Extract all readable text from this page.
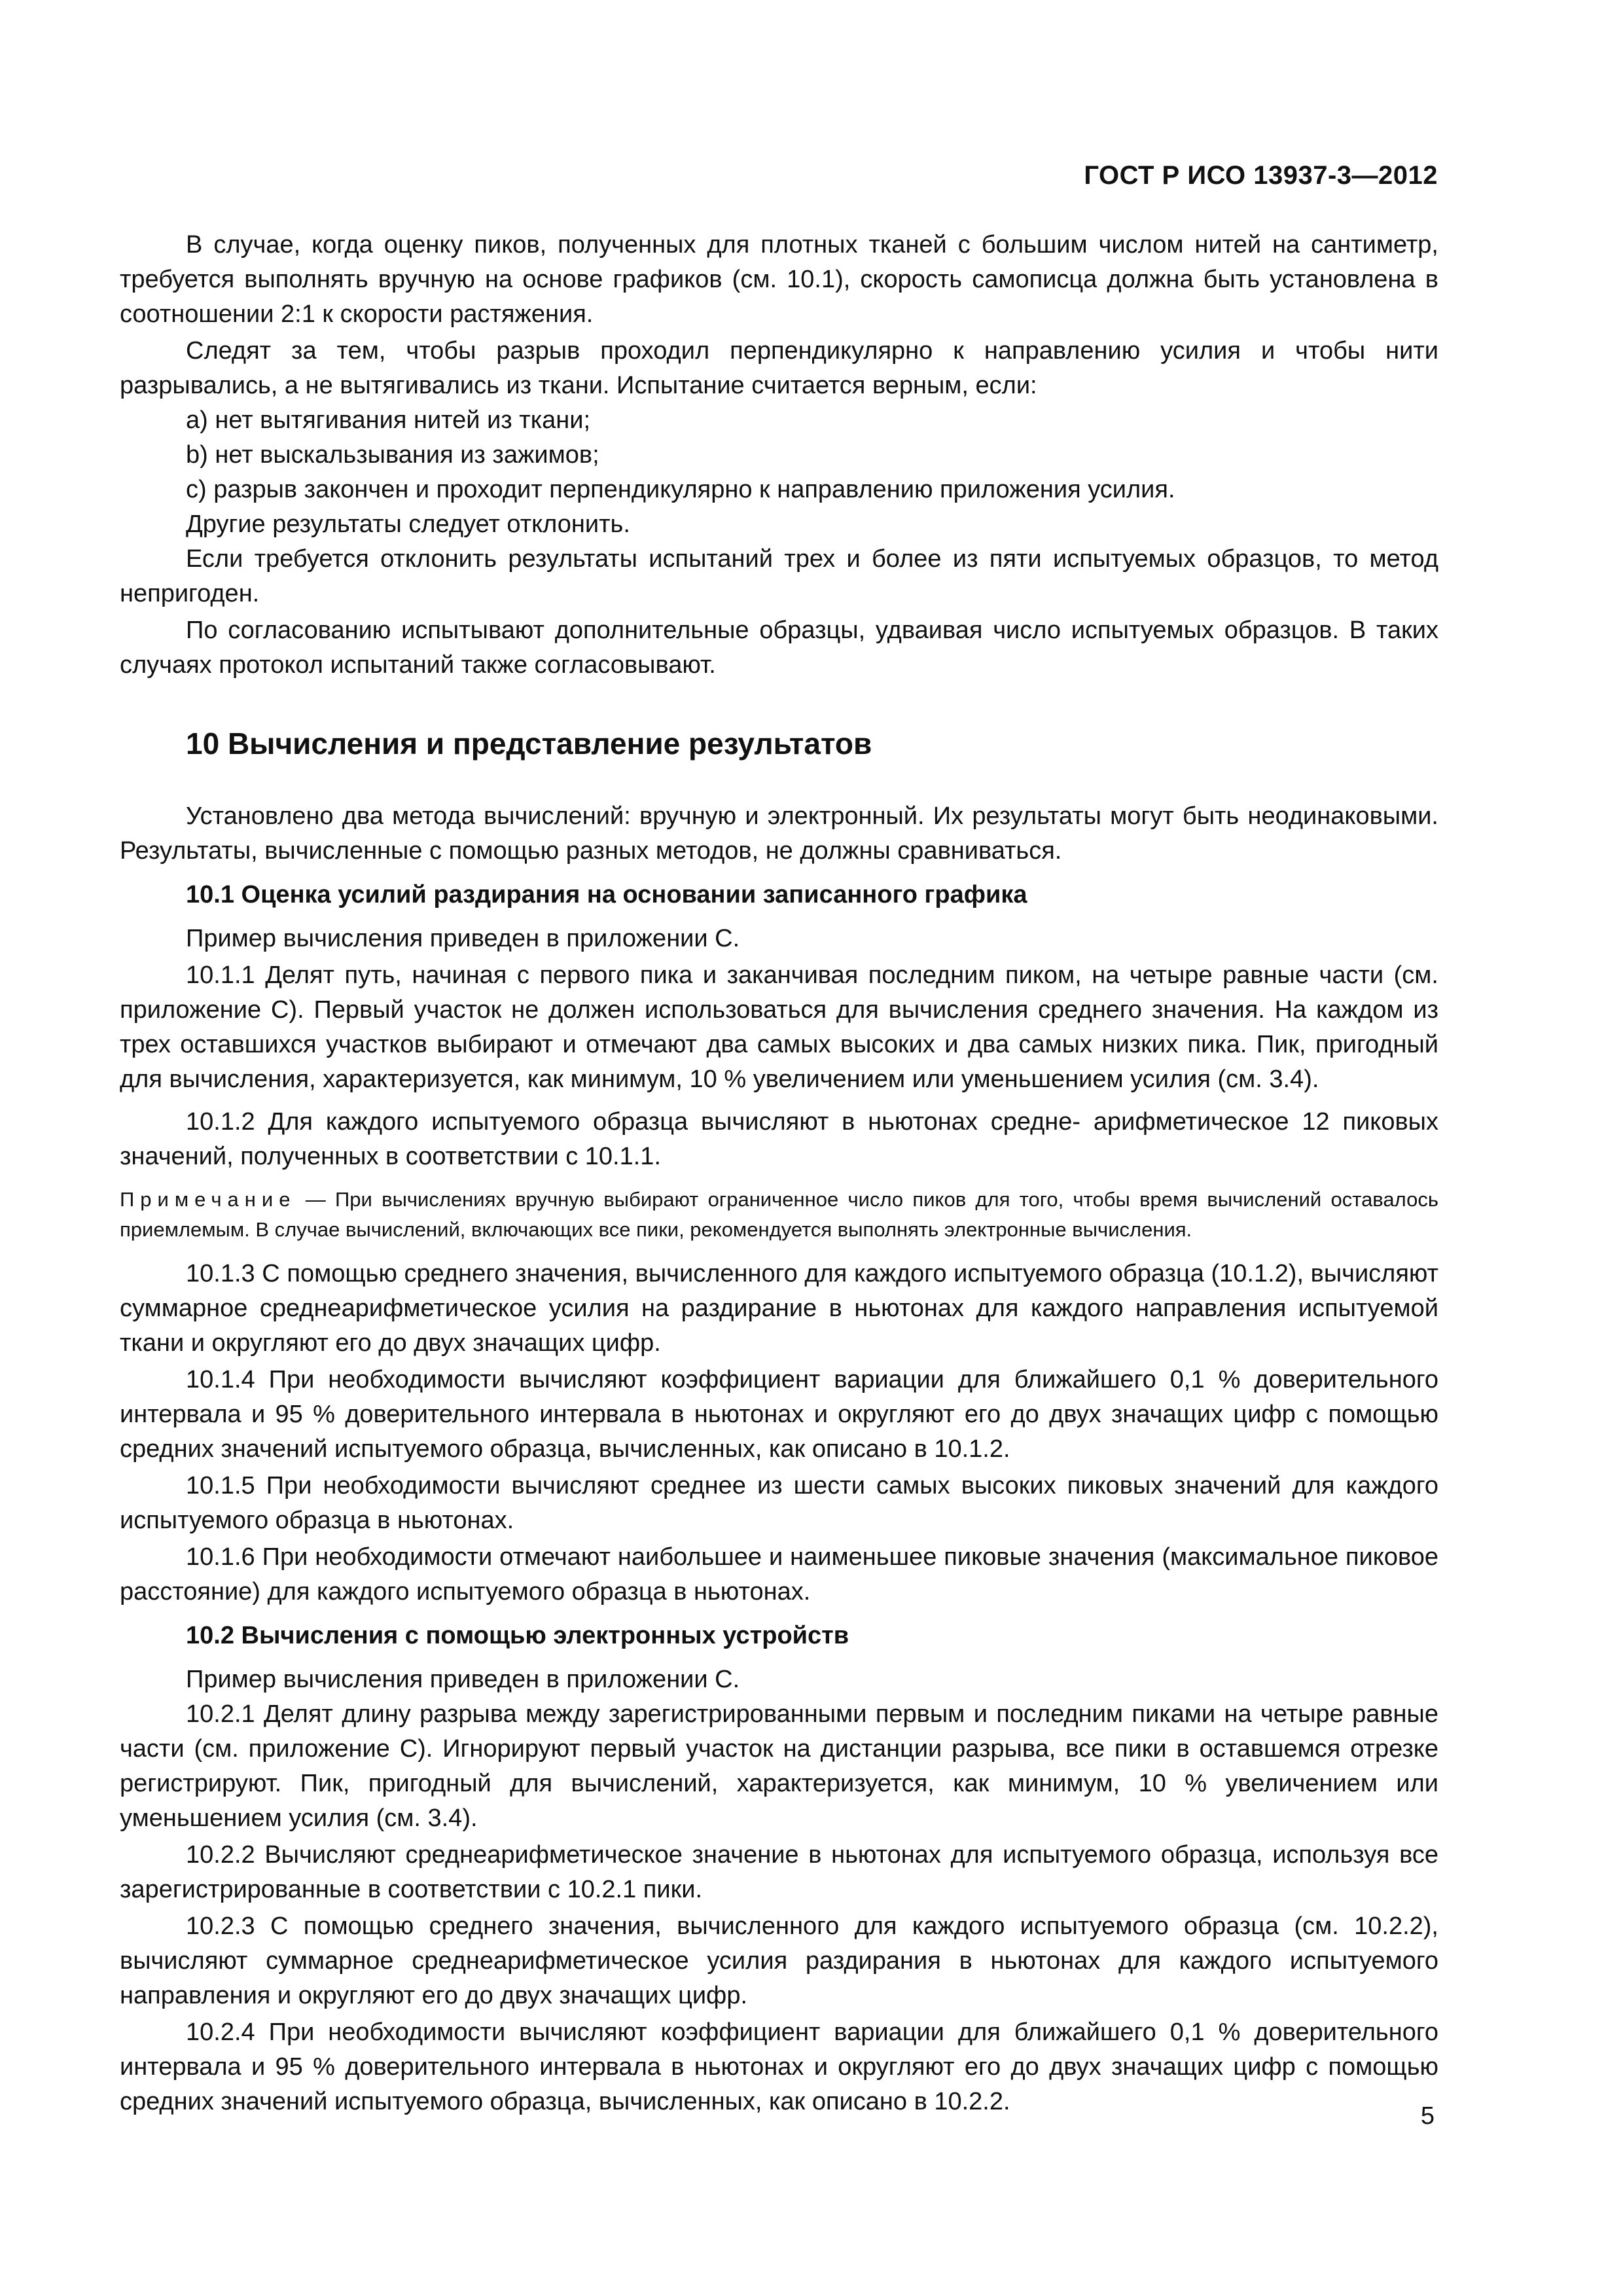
ГОСТ Р ИСО 13937-3—2012

В случае, когда оценку пиков, полученных для плотных тканей с большим числом нитей на сантиметр, требуется выполнять вручную на основе графиков (см. 10.1), скорость самописца должна быть установлена в соотношении 2:1 к скорости растяжения.

Следят за тем, чтобы разрыв проходил перпендикулярно к направлению усилия и чтобы нити разрывались, а не вытягивались из ткани. Испытание считается верным, если:

а) нет вытягивания нитей из ткани;

b) нет выскальзывания из зажимов;

с) разрыв закончен и проходит перпендикулярно к направлению приложения усилия.

Другие результаты следует отклонить.

Если требуется отклонить результаты испытаний трех и более из пяти испытуемых образцов, то метод непригоден.

По согласованию испытывают дополнительные образцы, удваивая число испытуемых образцов. В таких случаях протокол испытаний также согласовывают.

10 Вычисления и представление результатов

Установлено два метода вычислений: вручную и электронный. Их результаты могут быть неодинаковыми. Результаты, вычисленные с помощью разных методов, не должны сравниваться.

10.1 Оценка усилий раздирания на основании записанного графика

Пример вычисления приведен в приложении С.

10.1.1 Делят путь, начиная с первого пика и заканчивая последним пиком, на четыре равные части (см. приложение С). Первый участок не должен использоваться для вычисления среднего значения. На каждом из трех оставшихся участков выбирают и отмечают два самых высоких и два самых низких пика. Пик, пригодный для вычисления, характеризуется, как минимум, 10 % увеличением или уменьшением усилия (см. 3.4).

10.1.2 Для каждого испытуемого образца вычисляют в ньютонах средне- арифметическое 12 пиковых значений, полученных в соответствии с 10.1.1.

Примечание — При вычислениях вручную выбирают ограниченное число пиков для того, чтобы время вычислений оставалось приемлемым. В случае вычислений, включающих все пики, рекомендуется выполнять электронные вычисления.

10.1.3 С помощью среднего значения, вычисленного для каждого испытуемого образца (10.1.2), вычисляют суммарное среднеарифметическое усилия на раздирание в ньютонах для каждого направления испытуемой ткани и округляют его до двух значащих цифр.

10.1.4 При необходимости вычисляют коэффициент вариации для ближайшего 0,1 % доверительного интервала и 95 % доверительного интервала в ньютонах и округляют его до двух значащих цифр с помощью средних значений испытуемого образца, вычисленных, как описано в 10.1.2.

10.1.5 При необходимости вычисляют среднее из шести самых высоких пиковых значений для каждого испытуемого образца в ньютонах.

10.1.6 При необходимости отмечают наибольшее и наименьшее пиковые значения (максимальное пиковое расстояние) для каждого испытуемого образца в ньютонах.

10.2 Вычисления с помощью электронных устройств

Пример вычисления приведен в приложении С.

10.2.1 Делят длину разрыва между зарегистрированными первым и последним пиками на четыре равные части (см. приложение С). Игнорируют первый участок на дистанции разрыва, все пики в оставшемся отрезке регистрируют. Пик, пригодный для вычислений, характеризуется, как минимум, 10 % увеличением или уменьшением усилия (см. 3.4).

10.2.2 Вычисляют среднеарифметическое значение в ньютонах для испытуемого образца, используя все зарегистрированные в соответствии с 10.2.1 пики.

10.2.3 С помощью среднего значения, вычисленного для каждого испытуемого образца (см. 10.2.2), вычисляют суммарное среднеарифметическое усилия раздирания в ньютонах для каждого испытуемого направления и округляют его до двух значащих цифр.

10.2.4 При необходимости вычисляют коэффициент вариации для ближайшего 0,1 % доверительного интервала и 95 % доверительного интервала в ньютонах и округляют его до двух значащих цифр с помощью средних значений испытуемого образца, вычисленных, как описано в 10.2.2.

5
